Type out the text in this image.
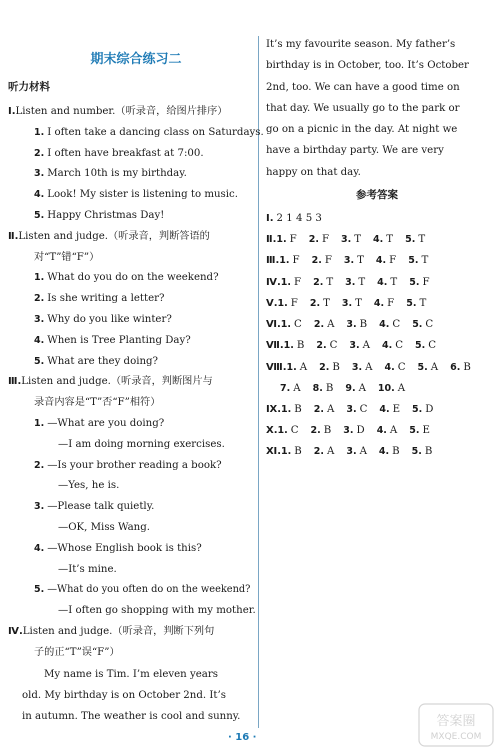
期末综合练习二
听力材料
Ⅰ.Listen and number.（听录音，给图片排序）
1. I often take a dancing class on Saturdays.
2. I often have breakfast at 7:00.
3. March 10th is my birthday.
4. Look! My sister is listening to music.
5. Happy Christmas Day!
Ⅱ.Listen and judge.（听录音，判断答语的
对“T”错“F”）
1. What do you do on the weekend?
2. Is she writing a letter?
3. Why do you like winter?
4. When is Tree Planting Day?
5. What are they doing?
Ⅲ.Listen and judge.（听录音，判断图片与
录音内容是“T”否“F”相符）
1. —What are you doing?
—I am doing morning exercises.
2. —Is your brother reading a book?
—Yes, he is.
3. —Please talk quietly.
—OK, Miss Wang.
4. —Whose English book is this?
—It’s mine.
5. —What do you often do on the weekend?
—I often go shopping with my mother.
Ⅳ.Listen and judge.（听录音，判断下列句
子的正“T”误“F”）
My name is Tim. I’m eleven years
old. My birthday is on October 2nd. It’s
in autumn. The weather is cool and sunny.
It’s my favourite season. My father’s
birthday is in October, too. It’s October
2nd, too. We can have a good time on
that day. We usually go to the park or
go on a picnic in the day. At night we
have a birthday party. We are very
happy on that day.
参考答案
Ⅰ. 2 1 4 5 3
Ⅱ.1. F 2. F 3. T 4. T 5. T
Ⅲ.1. F 2. F 3. T 4. F 5. T
Ⅳ.1. F 2. T 3. T 4. T 5. F
Ⅴ.1. F 2. T 3. T 4. F 5. T
Ⅵ.1. C 2. A 3. B 4. C 5. C
Ⅶ.1. B 2. C 3. A 4. C 5. C
Ⅷ.1. A 2. B 3. A 4. C 5. A 6. B
7. A 8. B 9. A 10. A
Ⅸ.1. B 2. A 3. C 4. E 5. D
Ⅹ.1. C 2. B 3. D 4. A 5. E
Ⅺ.1. B 2. A 3. A 4. B 5. B
· 16 ·
答案圈
MXQE.COM
